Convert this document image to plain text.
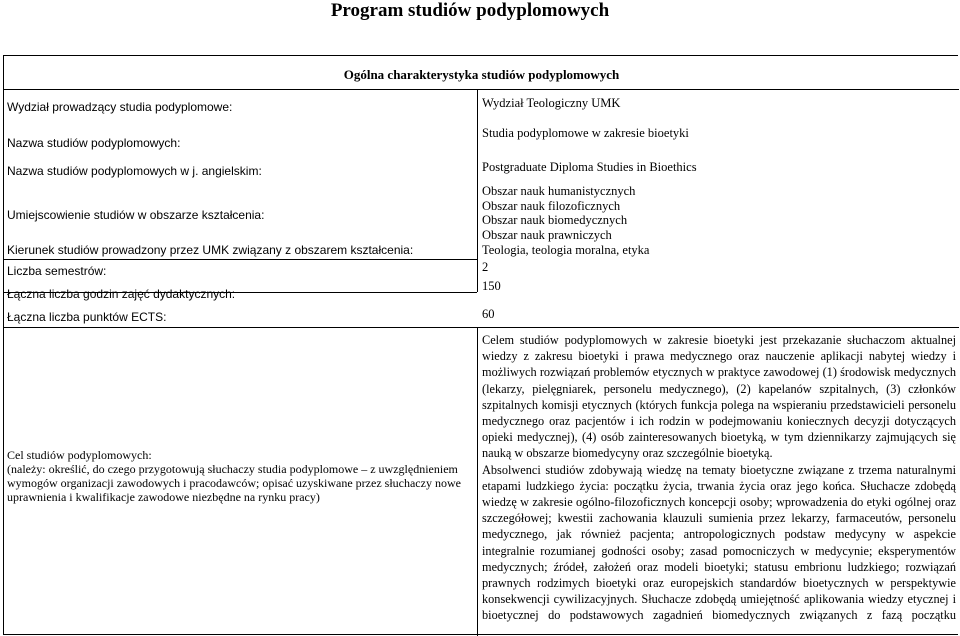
Program studiów podyplomowych
Ogólna charakterystyka studiów podyplomowych
Wydział prowadzący studia podyplomowe:	Wydział Teologiczny UMK
Nazwa studiów podyplomowych:
Studia podyplomowe w zakresie bioetyki
Nazwa studiów podyplomowych w j. angielskim:	Postgraduate Diploma Studies in Bioethics
Umiejscowienie studiów w obszarze kształcenia:
Obszar nauk humanistycznych
Obszar nauk filozoficznych
Obszar nauk biomedycznych
Obszar nauk prawniczych
Kierunek studiów prowadzony przez UMK związany z obszarem kształcenia:	Teologia, teologia moralna, etyka
Liczba semestrów:	2
Łączna liczba godzin zajęć dydaktycznych:
150
Łączna liczba punktów ECTS:	60
Cel studiów podyplomowych:
(należy: określić, do czego przygotowują słuchaczy studia podyplomowe – z uwzględnieniem wymogów organizacji zawodowych i pracodawców; opisać uzyskiwane przez słuchaczy nowe uprawnienia i kwalifikacje zawodowe niezbędne na rynku pracy)

Celem studiów podyplomowych w zakresie bioetyki jest przekazanie słuchaczom aktualnej wiedzy z zakresu bioetyki i prawa medycznego oraz nauczenie aplikacji nabytej wiedzy i możliwych rozwiązań problemów etycznych w praktyce zawodowej (1) środowisk medycznych (lekarzy, pielęgniarek, personelu medycznego), (2) kapelanów szpitalnych, (3) członków szpitalnych komisji etycznych (których funkcja polega na wspieraniu przedstawicieli personelu medycznego oraz pacjentów i ich rodzin w podejmowaniu koniecznych decyzji dotyczących opieki medycznej), (4) osób zainteresowanych bioetyką, w tym dziennikarzy zajmujących się nauką w obszarze biomedycyny oraz szczególnie bioetyką.

Absolwenci studiów zdobywają wiedzę na tematy bioetyczne związane z trzema naturalnymi etapami ludzkiego życia: początku życia, trwania życia oraz jego końca. Słuchacze zdobędą wiedzę w zakresie ogólno-filozoficznych koncepcji osoby; wprowadzenia do etyki ogólnej oraz szczegółowej; kwestii zachowania klauzuli sumienia przez lekarzy, farmaceutów, personelu medycznego, jak również pacjenta; antropologicznych podstaw medycyny w aspekcie integralnie rozumianej godności osoby; zasad pomocniczych w medycynie; eksperymentów medycznych; źródeł, założeń oraz modeli bioetyki; statusu embrionu ludzkiego; rozwiązań prawnych rodzimych bioetyki oraz europejskich standardów bioetycznych w perspektywie konsekwencji cywilizacyjnych. Słuchacze zdobędą umiejętność aplikowania wiedzy etycznej i bioetycznej do podstawowych zagadnień biomedycznych związanych z fazą początku
